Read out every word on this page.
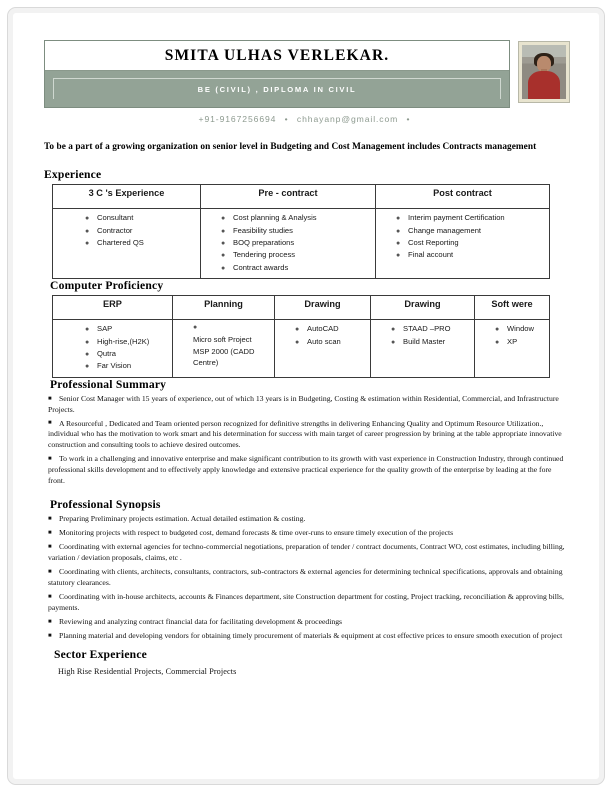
SMITA ULHAS VERLEKAR.
BE (CIVIL) , DIPLOMA IN CIVIL
+91-9167256694 • chhayanp@gmail.com •

To be a part of a growing organization on senior level in Budgeting and Cost Management includes Contracts management

Experience
3 C 's Experience	Pre - contract	Post contract

● Consultant
● Contractor
● Chartered QS

● Cost planning & Analysis
● Feasibility studies
● BOQ preparations
● Tendering process
● Contract awards

● Interim payment Certification
● Change management
● Cost Reporting
● Final account
Computer Proficiency
ERP	Planning	Drawing	Drawing	Soft were

● SAP
● High-rise,(H2K)
● Qutra
● Far Vision

●Micro soft Project MSP 2000 (CADD Centre)

● AutoCAD
● Auto scan

● STAAD –PRO
● Build Master

● Window
● XP
Professional Summary
■ Senior Cost Manager with 15 years of experience, out of which 13 years is in Budgeting, Costing & estimation within Residential, Commercial, and Infrastructure Projects.
■ A Resourceful , Dedicated and Team oriented person recognized for definitive strengths in delivering Enhancing Quality and Optimum Resource Utilization., individual who has the motivation to work smart and his determination for success with main target of career progression by brining at the table appropriate innovative construction and consulting tools to achieve desired outcomes.
■ To work in a challenging and innovative enterprise and make significant contribution to its growth with vast experience in Construction Industry, through continued professional skills development and to effectively apply knowledge and extensive practical experience for the quality growth of the enterprise by leading at the fore front.
Professional Synopsis
■ Preparing Preliminary projects estimation. Actual detailed estimation & costing.
■ Monitoring projects with respect to budgeted cost, demand forecasts & time over-runs to ensure timely execution of the projects
■ Coordinating with external agencies for techno-commercial negotiations, preparation of tender / contract documents, Contract WO, cost estimates, including billing, variation / deviation proposals, claims, etc .
■ Coordinating with clients, architects, consultants, contractors, sub-contractors & external agencies for determining technical specifications, approvals and obtaining statutory clearances.
■ Coordinating with in-house architects, accounts & Finances department, site Construction department for costing, Project tracking, reconciliation & approving bills, payments.
■ Reviewing and analyzing contract financial data for facilitating development & proceedings
■ Planning material and developing vendors for obtaining timely procurement of materials & equipment at cost effective prices to ensure smooth execution of project
Sector Experience
High Rise Residential Projects, Commercial Projects
